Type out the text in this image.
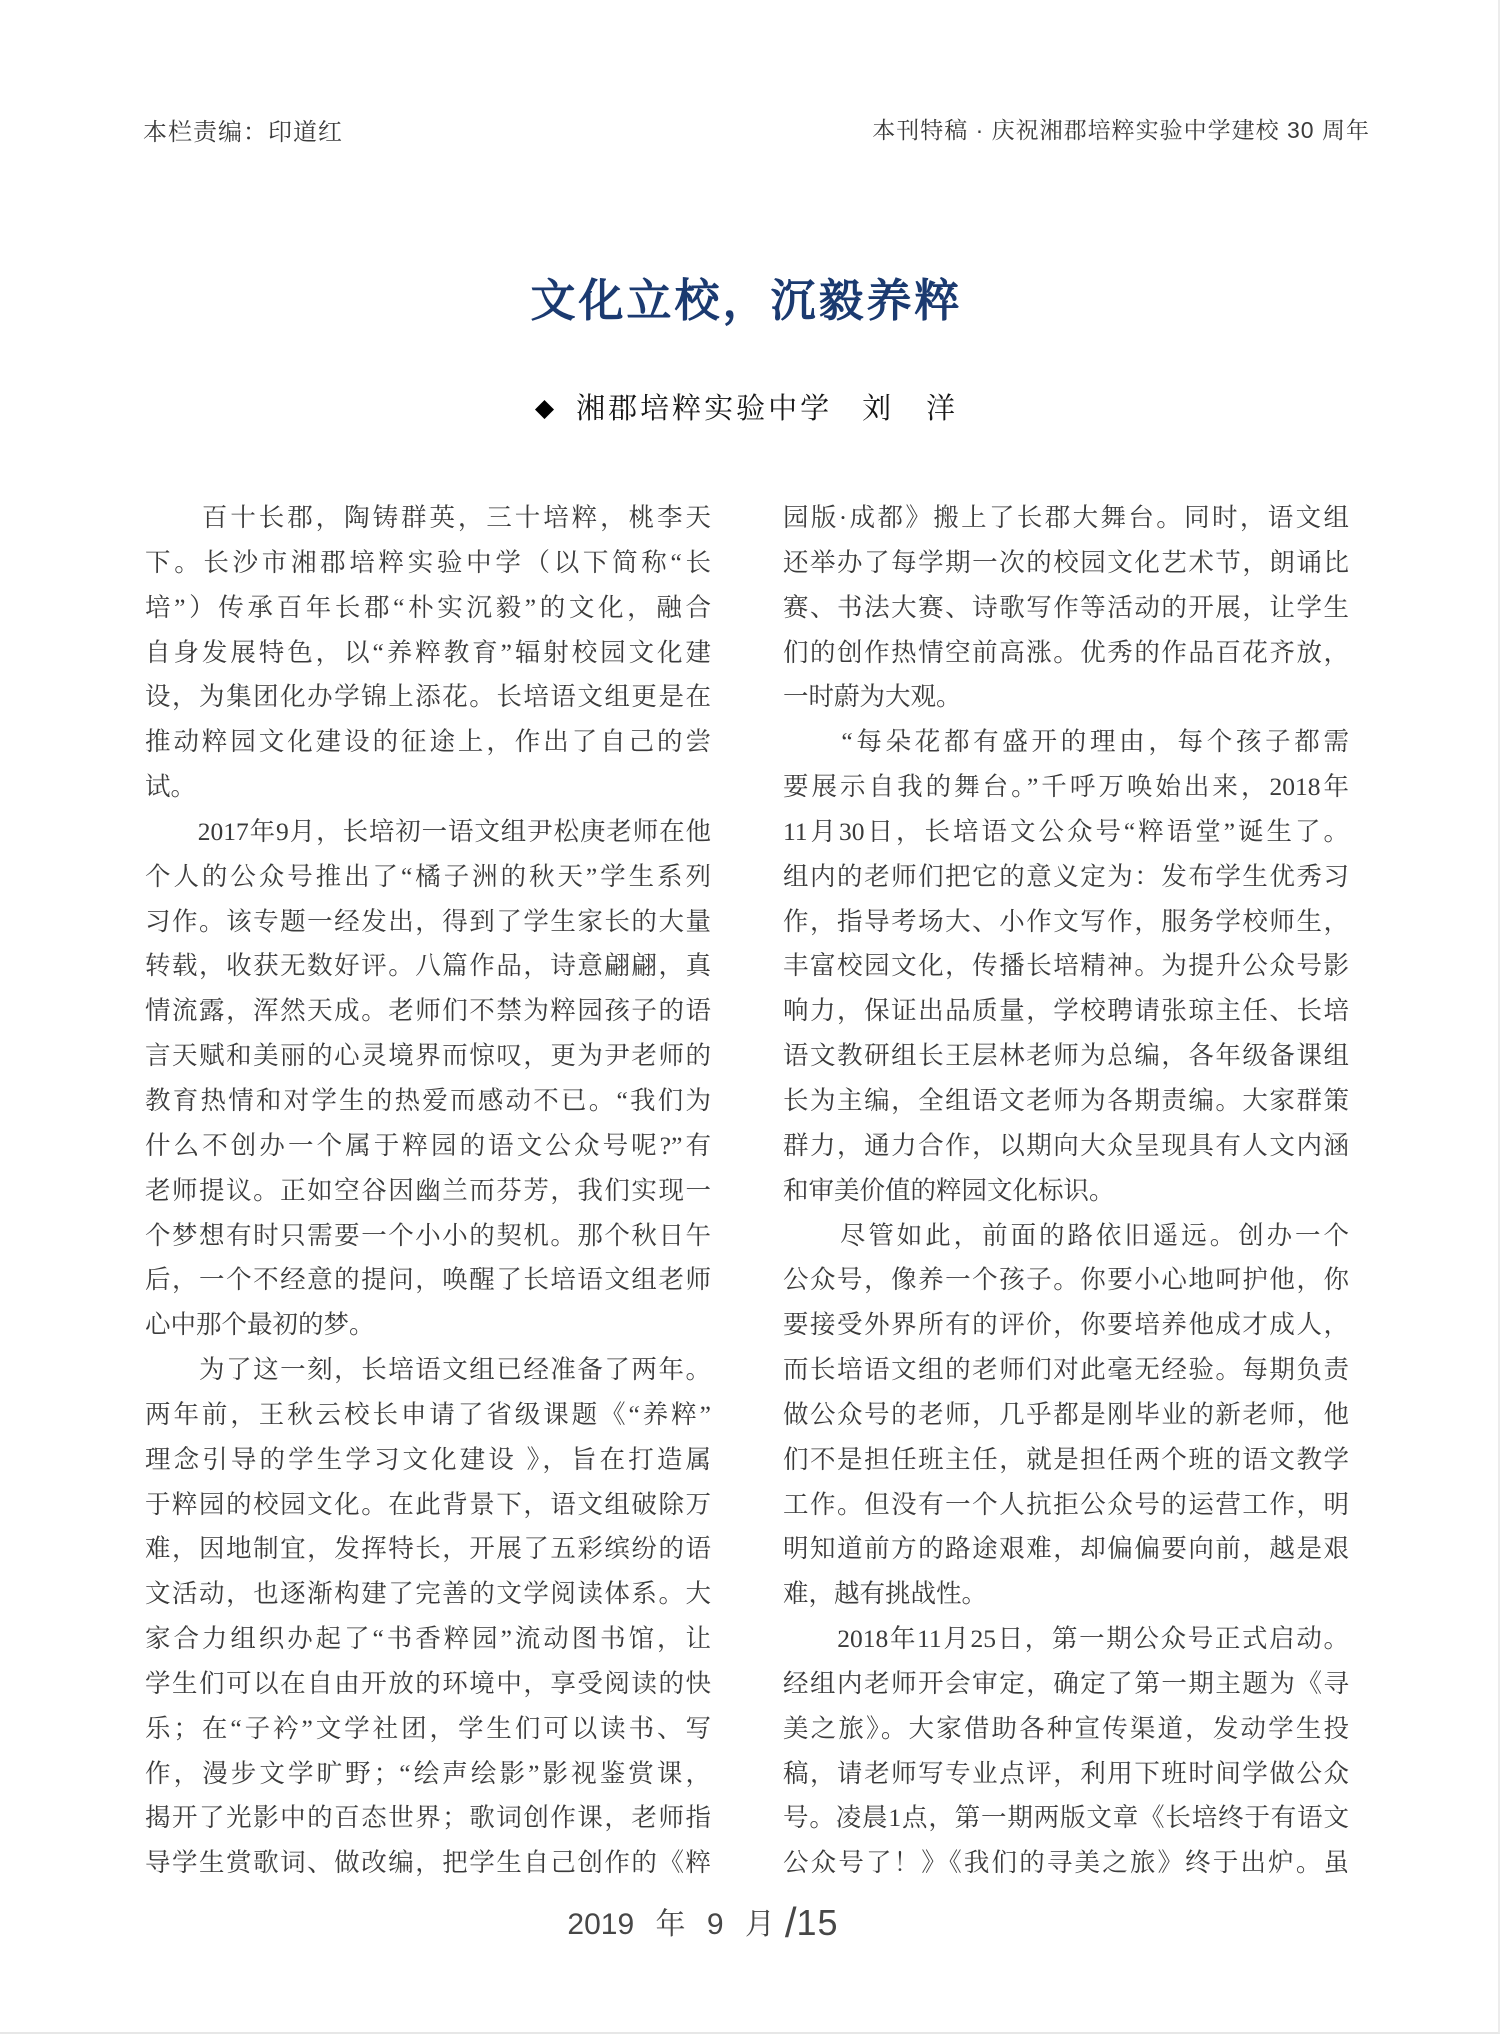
本栏责编：印道红	本刊特稿 · 庆祝湘郡培粹实验中学建校 30 周年
文化立校，沉毅养粹
◆ 湘郡培粹实验中学 刘　洋
　　百十长郡，陶铸群英，三十培粹，桃李天
下。长沙市湘郡培粹实验中学（以下简称“长
培”）传承百年长郡“朴实沉毅”的文化，融合
自身发展特色，以“养粹教育”辐射校园文化建
设，为集团化办学锦上添花。长培语文组更是在
推动粹园文化建设的征途上，作出了自己的尝
试。
　　2017年9月，长培初一语文组尹松庚老师在他
个人的公众号推出了“橘子洲的秋天”学生系列
习作。该专题一经发出，得到了学生家长的大量
转载，收获无数好评。八篇作品，诗意翩翩，真
情流露，浑然天成。老师们不禁为粹园孩子的语
言天赋和美丽的心灵境界而惊叹，更为尹老师的
教育热情和对学生的热爱而感动不已。“我们为
什么不创办一个属于粹园的语文公众号呢?”有
老师提议。正如空谷因幽兰而芬芳，我们实现一
个梦想有时只需要一个小小的契机。那个秋日午
后，一个不经意的提问，唤醒了长培语文组老师
心中那个最初的梦。
　　为了这一刻，长培语文组已经准备了两年。
两年前，王秋云校长申请了省级课题《“养粹”
理念引导的学生学习文化建设 》，旨在打造属
于粹园的校园文化。在此背景下，语文组破除万
难，因地制宜，发挥特长，开展了五彩缤纷的语
文活动，也逐渐构建了完善的文学阅读体系。大
家合力组织办起了“书香粹园”流动图书馆，让
学生们可以在自由开放的环境中，享受阅读的快
乐；在“子衿”文学社团，学生们可以读书、写
作，漫步文学旷野；“绘声绘影”影视鉴赏课，
揭开了光影中的百态世界；歌词创作课，老师指
导学生赏歌词、做改编，把学生自己创作的《粹
园版·成都》搬上了长郡大舞台。同时，语文组
还举办了每学期一次的校园文化艺术节，朗诵比
赛、书法大赛、诗歌写作等活动的开展，让学生
们的创作热情空前高涨。优秀的作品百花齐放，
一时蔚为大观。
　　“每朵花都有盛开的理由，每个孩子都需
要展示自我的舞台。”千呼万唤始出来，2018年
11月30日，长培语文公众号“粹语堂”诞生了。
组内的老师们把它的意义定为：发布学生优秀习
作，指导考场大、小作文写作，服务学校师生，
丰富校园文化，传播长培精神。为提升公众号影
响力，保证出品质量，学校聘请张琼主任、长培
语文教研组长王层林老师为总编，各年级备课组
长为主编，全组语文老师为各期责编。大家群策
群力，通力合作，以期向大众呈现具有人文内涵
和审美价值的粹园文化标识。
　　尽管如此，前面的路依旧遥远。创办一个
公众号，像养一个孩子。你要小心地呵护他，你
要接受外界所有的评价，你要培养他成才成人，
而长培语文组的老师们对此毫无经验。每期负责
做公众号的老师，几乎都是刚毕业的新老师，他
们不是担任班主任，就是担任两个班的语文教学
工作。但没有一个人抗拒公众号的运营工作，明
明知道前方的路途艰难，却偏偏要向前，越是艰
难，越有挑战性。
　　2018年11月25日，第一期公众号正式启动。
经组内老师开会审定，确定了第一期主题为《寻
美之旅》。大家借助各种宣传渠道，发动学生投
稿，请老师写专业点评，利用下班时间学做公众
号。凌晨1点，第一期两版文章《长培终于有语文
公众号了！》《我们的寻美之旅》终于出炉。虽
2019 年 9 月 /15
